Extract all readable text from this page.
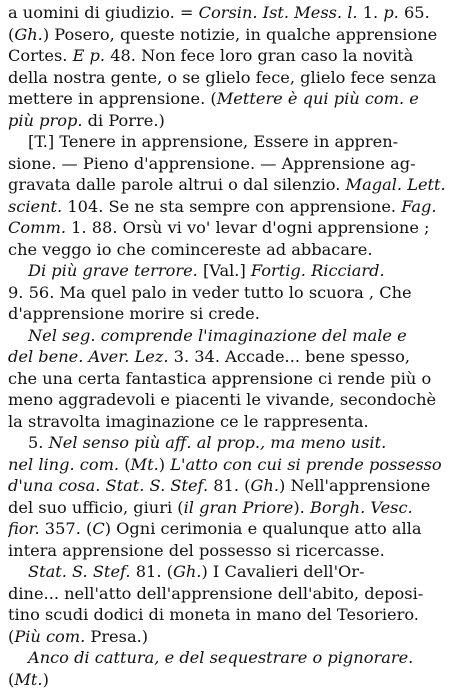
a uomini di giudizio. = Corsin. Ist. Mess. l. 1. p. 65.
(Gh.) Posero, queste notizie, in qualche apprensione
Cortes. E p. 48. Non fece loro gran caso la novità
della nostra gente, o se glielo fece, glielo fece senza
mettere in apprensione. (Mettere è qui più com. e
più prop. di Porre.)
[T.] Tenere in apprensione, Essere in appren-
sione. — Pieno d'apprensione. — Apprensione ag-
gravata dalle parole altrui o dal silenzio. Magal. Lett.
scient. 104. Se ne sta sempre con apprensione. Fag.
Comm. 1. 88. Orsù vi vo' levar d'ogni apprensione ;
che veggo io che comincereste ad abbacare.
Di più grave terrore. [Val.] Fortig. Ricciard.
9. 56. Ma quel palo in veder tutto lo scuora , Che
d'apprensione morire si crede.
Nel seg. comprende l'imaginazione del male e
del bene. Aver. Lez. 3. 34. Accade... bene spesso,
che una certa fantastica apprensione ci rende più o
meno aggradevoli e piacenti le vivande, secondochè
la stravolta imaginazione ce le rappresenta.
5. Nel senso più aff. al prop., ma meno usit.
nel ling. com. (Mt.) L'atto con cui si prende possesso
d'una cosa. Stat. S. Stef. 81. (Gh.) Nell'apprensione
del suo ufficio, giuri (il gran Priore). Borgh. Vesc.
fior. 357. (C) Ogni cerimonia e qualunque atto alla
intera apprensione del possesso si ricercasse.
Stat. S. Stef. 81. (Gh.) I Cavalieri dell'Or-
dine... nell'atto dell'apprensione dell'abito, deposi-
tino scudi dodici di moneta in mano del Tesoriero.
(Più com. Presa.)
Anco di cattura, e del sequestrare o pignorare.
(Mt.)
